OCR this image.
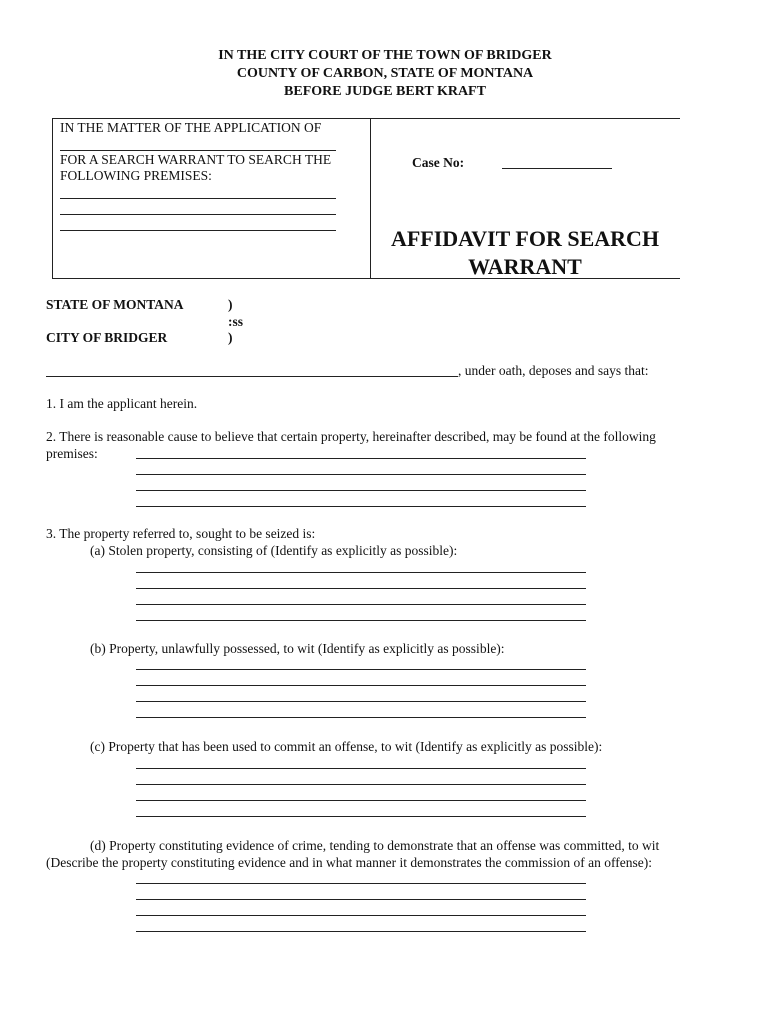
IN THE CITY COURT OF THE TOWN OF BRIDGER
COUNTY OF CARBON, STATE OF MONTANA
BEFORE JUDGE BERT KRAFT
IN THE MATTER OF THE APPLICATION OF
FOR A SEARCH WARRANT TO SEARCH THE
FOLLOWING PREMISES:
Case No:
AFFIDAVIT FOR SEARCH
WARRANT
STATE OF MONTANA	)
:ss
CITY OF BRIDGER	)
, under oath, deposes and says that:
1. I am the applicant herein.
2. There is reasonable cause to believe that certain property, hereinafter described, may be found at the following
premises:
3. The property referred to, sought to be seized is:
(a) Stolen property, consisting of (Identify as explicitly as possible):
(b) Property, unlawfully possessed, to wit (Identify as explicitly as possible):
(c) Property that has been used to commit an offense, to wit (Identify as explicitly as possible):
(d) Property constituting evidence of crime, tending to demonstrate that an offense was committed, to wit
(Describe the property constituting evidence and in what manner it demonstrates the commission of an offense):
